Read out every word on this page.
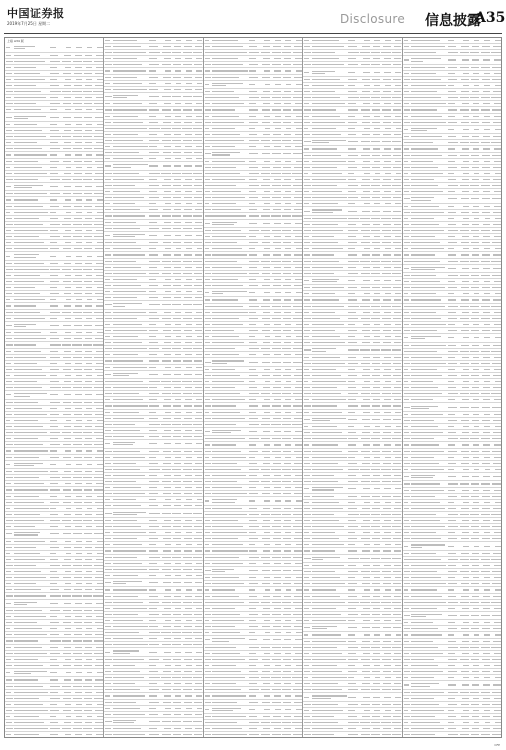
中国证券报
2019年7月25日 星期二	Disclosure 信息披露
A35
上接 A34 版
CFP
